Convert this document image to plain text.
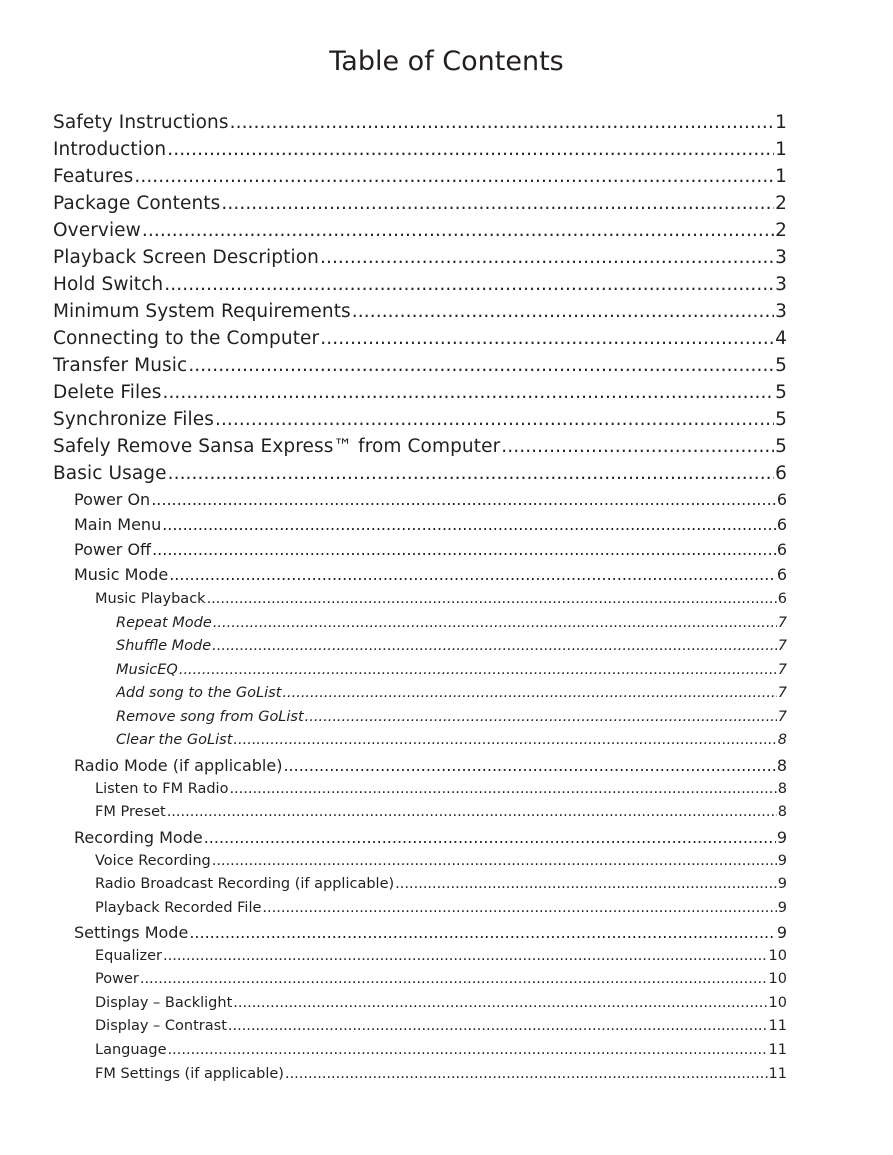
Table of Contents
Safety Instructions .....	1
Introduction .....	1
Features .....	1
Package Contents .....	2
Overview .....	2
Playback Screen Description .....	3
Hold Switch .....	3
Minimum System Requirements .....	3
Connecting to the Computer .....	4
Transfer Music .....	5
Delete Files .....	5
Synchronize Files .....	5
Safely Remove Sansa Express™ from Computer .....	5
Basic Usage .....	6
Power On .....	6
Main Menu .....	6
Power Off .....	6
Music Mode .....	6
Music Playback .....	6
Repeat Mode .....	7
Shuffle Mode .....	7
MusicEQ .....	7
Add song to the GoList .....	7
Remove song from GoList .....	7
Clear the GoList .....	8
Radio Mode (if applicable) .....	8
Listen to FM Radio .....	8
FM Preset .....	8
Recording Mode .....	9
Voice Recording .....	9
Radio Broadcast Recording (if applicable) .....	9
Playback Recorded File .....	9
Settings Mode .....	9
Equalizer .....	10
Power .....	10
Display – Backlight .....	10
Display – Contrast .....	11
Language .....	11
FM Settings (if applicable) .....	11
